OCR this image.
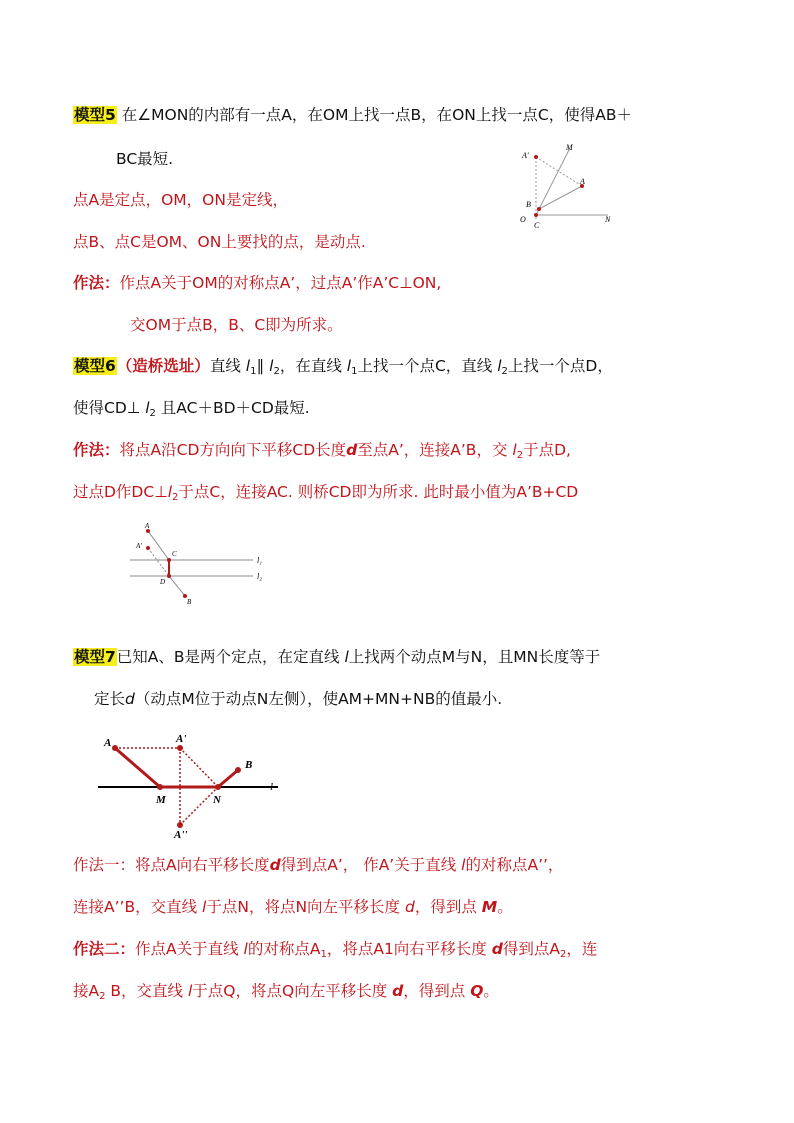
模型5 在∠MON的内部有一点A，在OM上找一点B，在ON上找一点C，使得AB＋
BC最短.
点A是定点，OM，ON是定线，
点B、点C是OM、ON上要找的点，是动点.
作法：作点A关于OM的对称点A’，过点A’作A’C⊥ON,
交OM于点B，B、C即为所求。
A'
M
A
B
O
C
N
模型6（造桥选址）直线 $l_1\parallel$ $l_2$，在直线 $l_1$上找一个点C，直线 $l_2$上找一个点D，
使得CD⊥ $l_2$ 且AC＋BD＋CD最短.
作法：将点A沿CD方向向下平移CD长度d至点A’，连接A’B，交 $l_2$于点D,
过点D作$DC\perp l_2$于点C，连接AC. 则桥CD即为所求. 此时最小值为A’B+CD
A
A'
C
D
B
l₁
l₂
模型7已知A、B是两个定点，在定直线 l上找两个动点M与N，且MN长度等于
定长d（动点M位于动点N左侧），使AM+MN+NB的值最小.
A	A'
B
M	N
l
A''
作法一：将点A向右平移长度d得到点A’， 作A’关于直线 l的对称点A’’，
连接A’’B，交直线 l于点N，将点N向左平移长度 d，得到点 M。
作法二：作点A关于直线 l的对称点$A_1$，将点A1向右平移长度 d得到点$A_2$，连
接$A_2$ B，交直线 l于点Q，将点Q向左平移长度 d，得到点 Q。
